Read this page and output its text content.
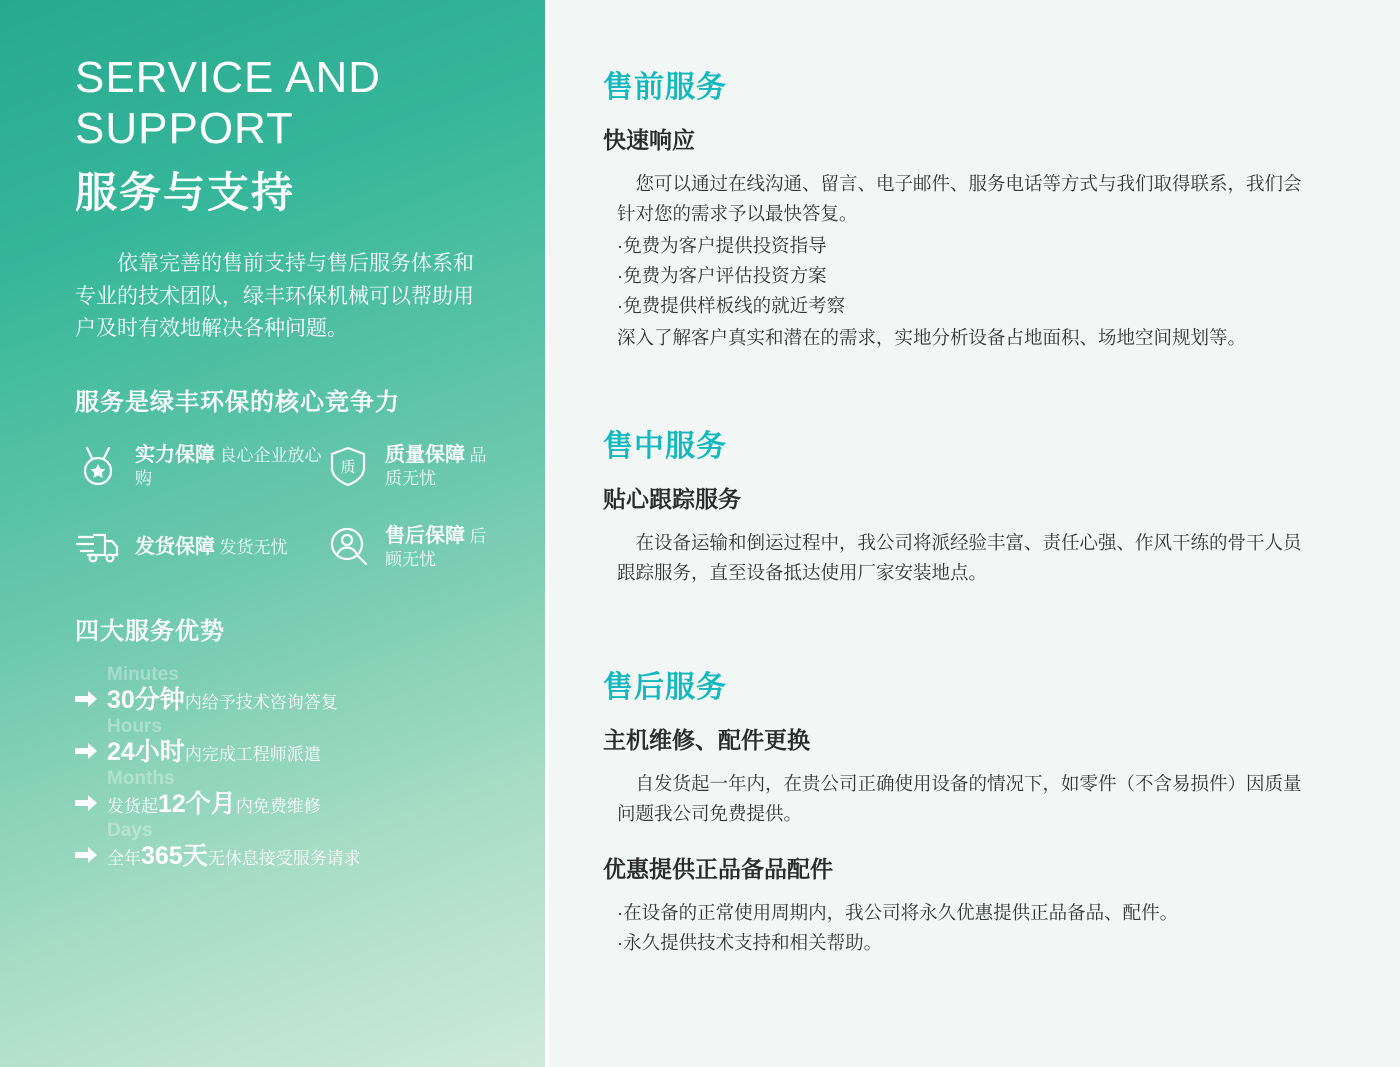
SERVICE AND
SUPPORT
服务与支持

依靠完善的售前支持与售后服务体系和专业的技术团队，绿丰环保机械可以帮助用户及时有效地解决各种问题。

服务是绿丰环保的核心竞争力
实力保障 良心企业放心购
质
质量保障 品质无忧
发货保障 发货无忧
售后保障 后顾无忧
四大服务优势
Minutes
30分钟内给予技术咨询答复
Hours
24小时内完成工程师派遣
Months
发货起12个月内免费维修
Days
全年365天无休息接受服务请求
售前服务
快速响应

您可以通过在线沟通、留言、电子邮件、服务电话等方式与我们取得联系，我们会针对您的需求予以最快答复。

·免费为客户提供投资指导
·免费为客户评估投资方案
·免费提供样板线的就近考察

深入了解客户真实和潜在的需求，实地分析设备占地面积、场地空间规划等。

售中服务
贴心跟踪服务

在设备运输和倒运过程中，我公司将派经验丰富、责任心强、作风干练的骨干人员跟踪服务，直至设备抵达使用厂家安装地点。

售后服务
主机维修、配件更换

自发货起一年内，在贵公司正确使用设备的情况下，如零件（不含易损件）因质量问题我公司免费提供。

优惠提供正品备品配件
·在设备的正常使用周期内，我公司将永久优惠提供正品备品、配件。
·永久提供技术支持和相关帮助。
